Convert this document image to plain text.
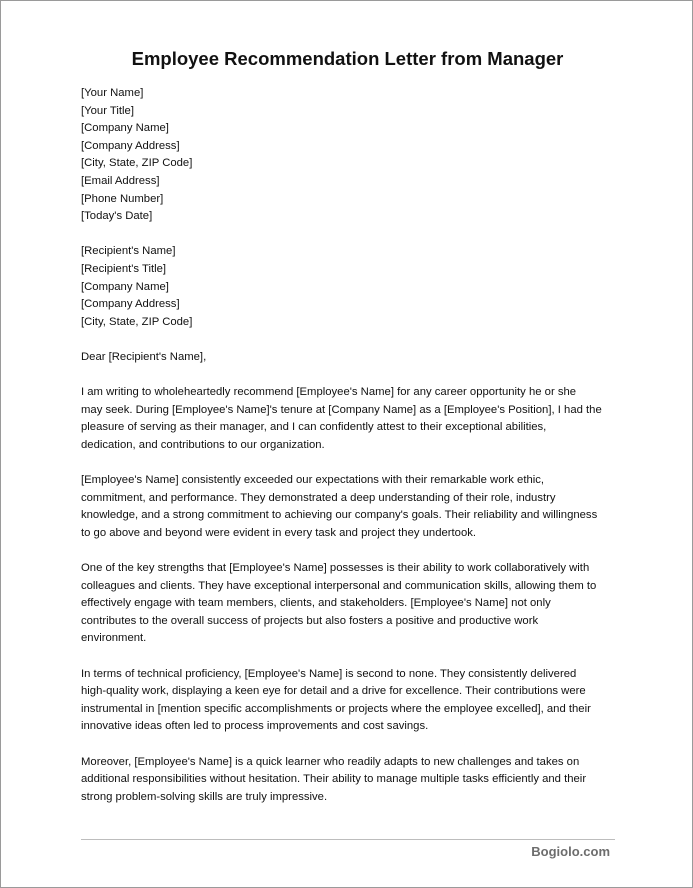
Employee Recommendation Letter from Manager
[Your Name]
[Your Title]
[Company Name]
[Company Address]
[City, State, ZIP Code]
[Email Address]
[Phone Number]
[Today's Date]
[Recipient's Name]
[Recipient's Title]
[Company Name]
[Company Address]
[City, State, ZIP Code]
Dear [Recipient's Name],
I am writing to wholeheartedly recommend [Employee's Name] for any career opportunity he or she
may seek. During [Employee's Name]'s tenure at [Company Name] as a [Employee's Position], I had the
pleasure of serving as their manager, and I can confidently attest to their exceptional abilities,
dedication, and contributions to our organization.
[Employee's Name] consistently exceeded our expectations with their remarkable work ethic,
commitment, and performance. They demonstrated a deep understanding of their role, industry
knowledge, and a strong commitment to achieving our company's goals. Their reliability and willingness
to go above and beyond were evident in every task and project they undertook.
One of the key strengths that [Employee's Name] possesses is their ability to work collaboratively with
colleagues and clients. They have exceptional interpersonal and communication skills, allowing them to
effectively engage with team members, clients, and stakeholders. [Employee's Name] not only
contributes to the overall success of projects but also fosters a positive and productive work
environment.
In terms of technical proficiency, [Employee's Name] is second to none. They consistently delivered
high-quality work, displaying a keen eye for detail and a drive for excellence. Their contributions were
instrumental in [mention specific accomplishments or projects where the employee excelled], and their
innovative ideas often led to process improvements and cost savings.
Moreover, [Employee's Name] is a quick learner who readily adapts to new challenges and takes on
additional responsibilities without hesitation. Their ability to manage multiple tasks efficiently and their
strong problem-solving skills are truly impressive.
Bogiolo.com
